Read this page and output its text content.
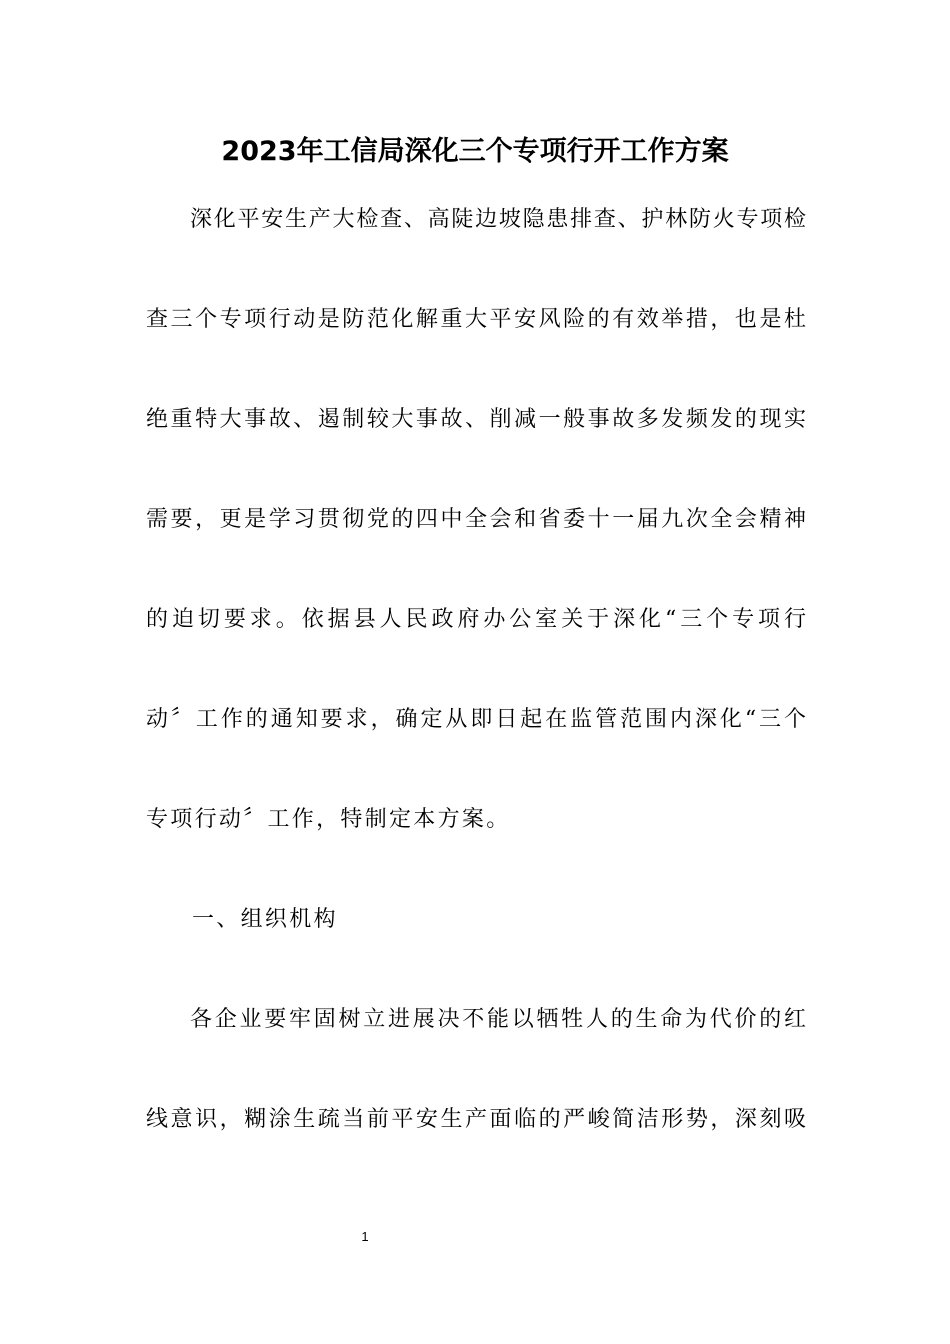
2023年工信局深化三个专项行开工作方案

深化平安生产大检查、高陡边坡隐患排查、护林防火专项检

查三个专项行动是防范化解重大平安风险的有效举措，也是杜

绝重特大事故、遏制较大事故、削减一般事故多发频发的现实

需要，更是学习贯彻党的四中全会和省委十一届九次全会精神

的迫切要求。依据县人民政府办公室关于深化“三个专项行

动〞工作的通知要求，确定从即日起在监管范围内深化“三个

专项行动〞工作，特制定本方案。

一、组织机构

各企业要牢固树立进展决不能以牺牲人的生命为代价的红

线意识，糊涂生疏当前平安生产面临的严峻简洁形势，深刻吸

1
